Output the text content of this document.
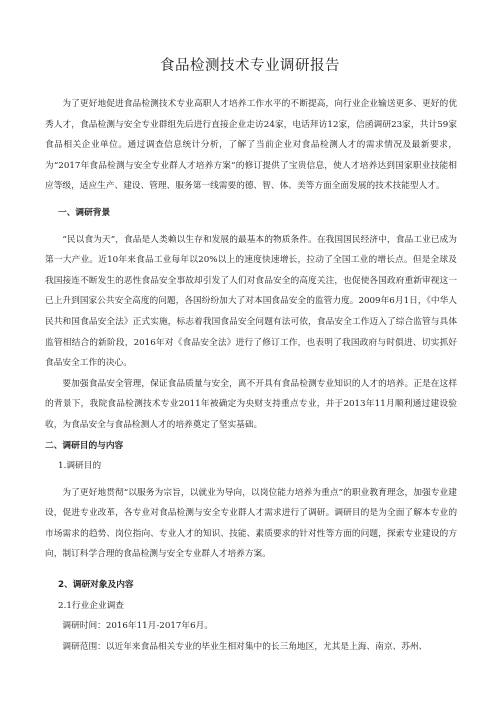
食品检测技术专业调研报告

为了更好地促进食品检测技术专业高职人才培养工作水平的不断提高，向行业企业输送更多、更好的优秀人才，食品检测与安全专业群组先后进行直接企业走访24家，电话拜访12家，信函调研23家，共计59家食品相关企业单位。通过调查信息统计分析，了解了当前企业对食品检测人才的需求情况及最新要求，为“2017年食品检测与安全专业群人才培养方案”的修订提供了宝贵信息，使人才培养达到国家职业技能相应等级，适应生产、建设、管理、服务第一线需要的德、智、体、美等方面全面发展的技术技能型人才。

一、调研背景

“民以食为天”，食品是人类赖以生存和发展的最基本的物质条件。在我国国民经济中，食品工业已成为第一大产业。近10年来食品工业每年以20%以上的速度快速增长，拉动了全国工业的增长点。但是全球及我国接连不断发生的恶性食品安全事故却引发了人们对食品安全的高度关注，也促使各国政府重新审视这一已上升到国家公共安全高度的问题，各国纷纷加大了对本国食品安全的监管力度。2009年6月1日，《中华人民共和国食品安全法》正式实施，标志着我国食品安全问题有法可依，食品安全工作迈入了综合监管与具体监管相结合的新阶段，2016年对《食品安全法》进行了修订工作，也表明了我国政府与时俱进、切实抓好食品安全工作的决心。

要加强食品安全管理，保证食品质量与安全，离不开具有食品检测专业知识的人才的培养。正是在这样的背景下，我院食品检测技术专业2011年被确定为央财支持重点专业，并于2013年11月顺利通过建设验收，为食品安全与食品检测人才的培养奠定了坚实基础。

二、调研目的与内容

1.调研目的

为了更好地贯彻“以服务为宗旨，以就业为导向，以岗位能力培养为重点”的职业教育理念，加强专业建设，促进专业改革，各专业对食品检测与安全专业群人才需求进行了调研。调研目的是为全面了解本专业的市场需求的趋势、岗位指向、专业人才的知识、技能、素质要求的针对性等方面的问题，探索专业建设的方向，制订科学合理的食品检测与安全专业群人才培养方案。

2、调研对象及内容

2.1行业企业调查

调研时间：2016年11月-2017年6月。

调研范围：以近年来食品相关专业的毕业生相对集中的长三角地区，尤其是上海、南京、苏州、
